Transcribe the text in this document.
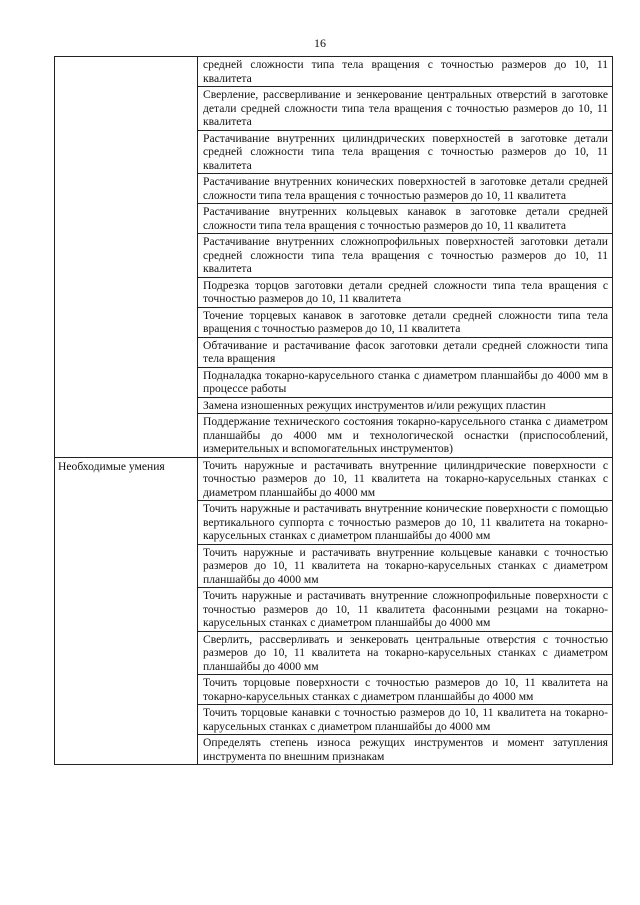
16
средней сложности типа тела вращения с точностью размеров до 10, 11 квалитета
Сверление, рассверливание и зенкерование центральных отверстий в заготовке детали средней сложности типа тела вращения с точностью размеров до 10, 11 квалитета
Растачивание внутренних цилиндрических поверхностей в заготовке детали средней сложности типа тела вращения с точностью размеров до 10, 11 квалитета
Растачивание внутренних конических поверхностей в заготовке детали средней сложности типа тела вращения с точностью размеров до 10, 11 квалитета
Растачивание внутренних кольцевых канавок в заготовке детали средней сложности типа тела вращения с точностью размеров до 10, 11 квалитета
Растачивание внутренних сложнопрофильных поверхностей заготовки детали средней сложности типа тела вращения с точностью размеров до 10, 11 квалитета
Подрезка торцов заготовки детали средней сложности типа тела вращения с точностью размеров до 10, 11 квалитета
Точение торцевых канавок в заготовке детали средней сложности типа тела вращения с точностью размеров до 10, 11 квалитета
Обтачивание и растачивание фасок заготовки детали средней сложности типа тела вращения
Подналадка токарно-карусельного станка с диаметром планшайбы до 4000 мм в процессе работы
Замена изношенных режущих инструментов и/или режущих пластин
Поддержание технического состояния токарно-карусельного станка с диаметром планшайбы до 4000 мм и технологической оснастки (приспособлений, измерительных и вспомогательных инструментов)
Необходимые умения	Точить наружные и растачивать внутренние цилиндрические поверхности с точностью размеров до 10, 11 квалитета на токарно-карусельных станках с диаметром планшайбы до 4000 мм
Точить наружные и растачивать внутренние конические поверхности с помощью вертикального суппорта с точностью размеров до 10, 11 квалитета на токарно-карусельных станках с диаметром планшайбы до 4000 мм
Точить наружные и растачивать внутренние кольцевые канавки с точностью размеров до 10, 11 квалитета на токарно-карусельных станках с диаметром планшайбы до 4000 мм
Точить наружные и растачивать внутренние сложнопрофильные поверхности с точностью размеров до 10, 11 квалитета фасонными резцами на токарно-карусельных станках с диаметром планшайбы до 4000 мм
Сверлить, рассверливать и зенкеровать центральные отверстия с точностью размеров до 10, 11 квалитета на токарно-карусельных станках с диаметром планшайбы до 4000 мм
Точить торцовые поверхности с точностью размеров до 10, 11 квалитета на токарно-карусельных станках с диаметром планшайбы до 4000 мм
Точить торцовые канавки с точностью размеров до 10, 11 квалитета на токарно-карусельных станках с диаметром планшайбы до 4000 мм
Определять степень износа режущих инструментов и момент затупления инструмента по внешним признакам
